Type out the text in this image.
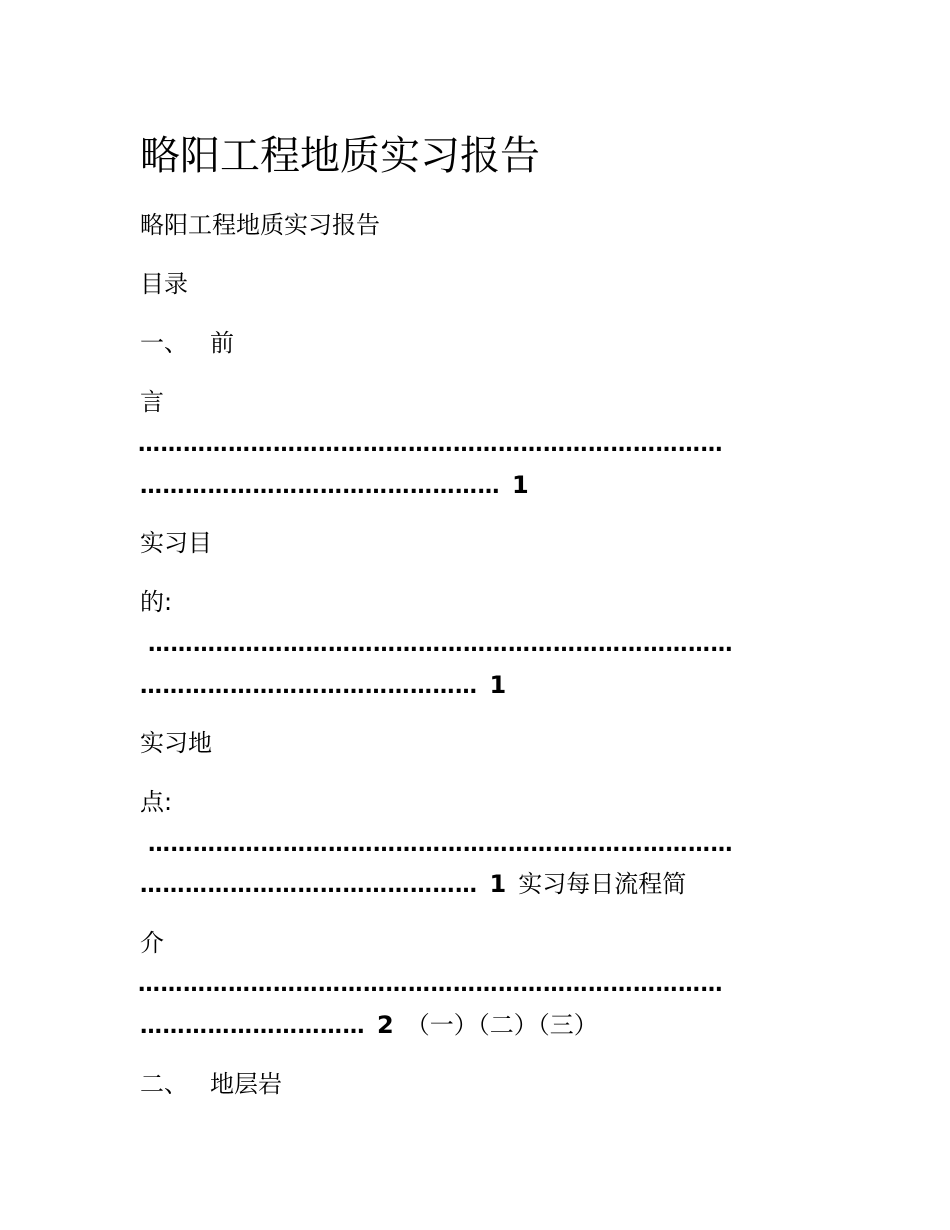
略阳工程地质实习报告
略阳工程地质实习报告
目录
一、 前
言
……………………………………………………………………
………………………………………… 1
实习目
的:
……………………………………………………………………
……………………………………… 1
实习地
点:
……………………………………………………………………
……………………………………… 1 实习每日流程简
介
……………………………………………………………………
………………………… 2 （一）（二）（三）
二、 地层岩
